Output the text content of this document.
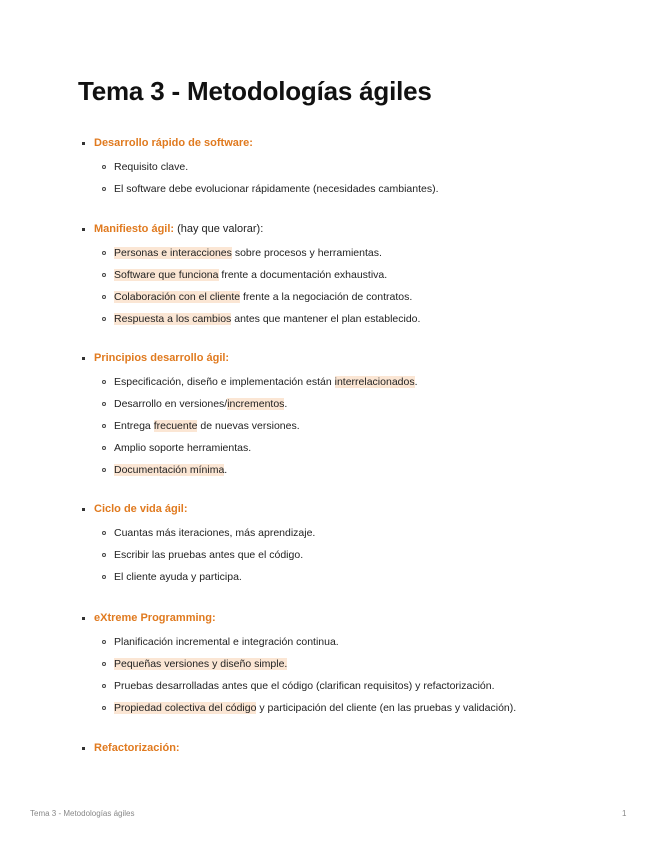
Tema 3 - Metodologías ágiles
Desarrollo rápido de software:
Requisito clave.
El software debe evolucionar rápidamente (necesidades cambiantes).
Manifiesto ágil: (hay que valorar):
Personas e interacciones sobre procesos y herramientas.
Software que funciona frente a documentación exhaustiva.
Colaboración con el cliente frente a la negociación de contratos.
Respuesta a los cambios antes que mantener el plan establecido.
Principios desarrollo ágil:
Especificación, diseño e implementación están interrelacionados.
Desarrollo en versiones/incrementos.
Entrega frecuente de nuevas versiones.
Amplio soporte herramientas.
Documentación mínima.
Ciclo de vida ágil:
Cuantas más iteraciones, más aprendizaje.
Escribir las pruebas antes que el código.
El cliente ayuda y participa.
eXtreme Programming:
Planificación incremental e integración continua.
Pequeñas versiones y diseño simple.
Pruebas desarrolladas antes que el código (clarifican requisitos) y refactorización.
Propiedad colectiva del código y participación del cliente (en las pruebas y validación).
Refactorización:
Tema 3 - Metodologías ágiles	1
